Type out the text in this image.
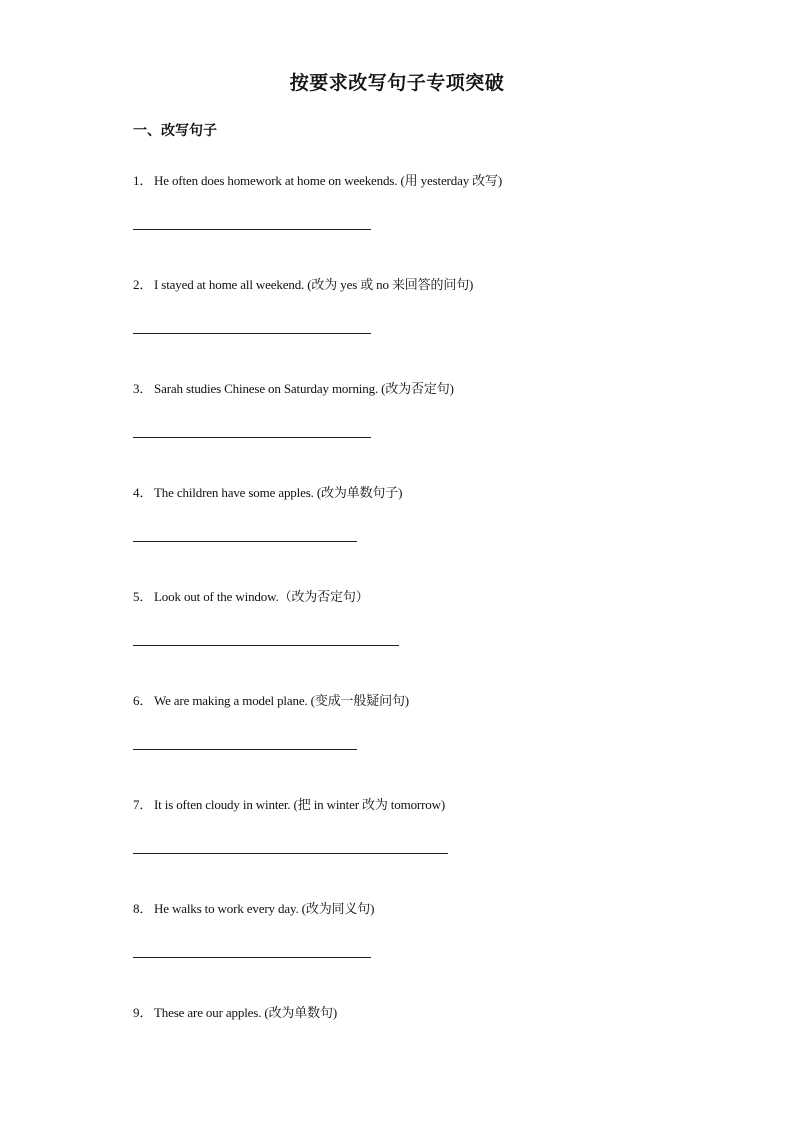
按要求改写句子专项突破
一、改写句子
1． He often does homework at home on weekends. (用 yesterday 改写)
2． I stayed at home all weekend. (改为 yes 或 no 来回答的问句)
3． Sarah studies Chinese on Saturday morning. (改为否定句)
4． The children have some apples. (改为单数句子)
5． Look out of the window.（改为否定句）
6． We are making a model plane. (变成一般疑问句)
7． It is often cloudy in winter. (把 in winter 改为 tomorrow)
8． He walks to work every day. (改为同义句)
9． These are our apples. (改为单数句)
